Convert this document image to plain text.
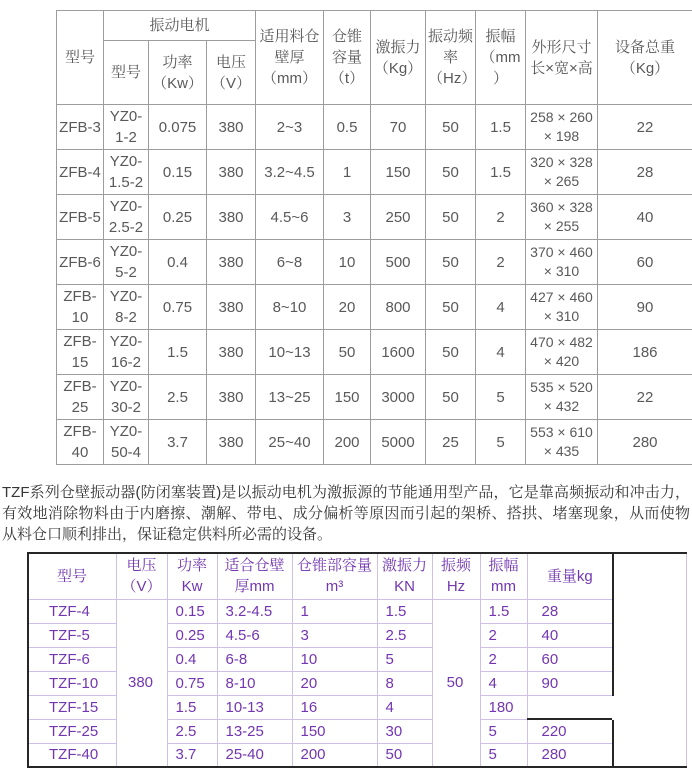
型号	振动电机			适用料仓壁厚（mm）	仓锥容量（t）	激振力（Kg）	振动频率（Hz）	振幅（mm）	外形尺寸长×宽×高	设备总重（Kg）
	型号	功率（Kw）	电压（V）							
ZFB-3	YZ0-1-2	0.075	380	2~3	0.5	70	50	1.5	258 × 260 × 198	22
ZFB-4	YZ0-1.5-2	0.15	380	3.2~4.5	1	150	50	1.5	320 × 328 × 265	28
ZFB-5	YZ0-2.5-2	0.25	380	4.5~6	3	250	50	2	360 × 328 × 255	40
ZFB-6	YZ0-5-2	0.4	380	6~8	10	500	50	2	370 × 460 × 310	60
ZFB-10	YZ0-8-2	0.75	380	8~10	20	800	50	4	427 × 460 × 310	90
ZFB-15	YZ0-16-2	1.5	380	10~13	50	1600	50	4	470 × 482 × 420	186
ZFB-25	YZ0-30-2	2.5	380	13~25	150	3000	50	5	535 × 520 × 432	22
ZFB-40	YZ0-50-4	3.7	380	25~40	200	5000	25	5	553 × 610 × 435	280
TZF系列仓壁振动器(防闭塞装置)是以振动电机为激振源的节能通用型产品，它是靠高频振动和冲击力，有效地消除物料由于内磨擦、潮解、带电、成分偏析等原因而引起的架桥、搭拱、堵塞现象，从而使物从料仓口顺利排出，保证稳定供料所必需的设备。
型号	电压（V）	功率 Kw	适合仓壁厚mm	仓锥部容量m³	激振力KN	振频Hz	振幅mm	重量kg	
TZF-4	380	0.15	3.2-4.5	1	1.5	50	1.5	28	
TZF-5		0.25	4.5-6	3	2.5		2	40	
TZF-6		0.4	6-8	10	5		2	60	
TZF-10		0.75	8-10	20	8		4	90	
TZF-15		1.5	10-13	16	4		180		
TZF-25		2.5	13-25	150	30		5	220	
TZF-40		3.7	25-40	200	50		5	280	
